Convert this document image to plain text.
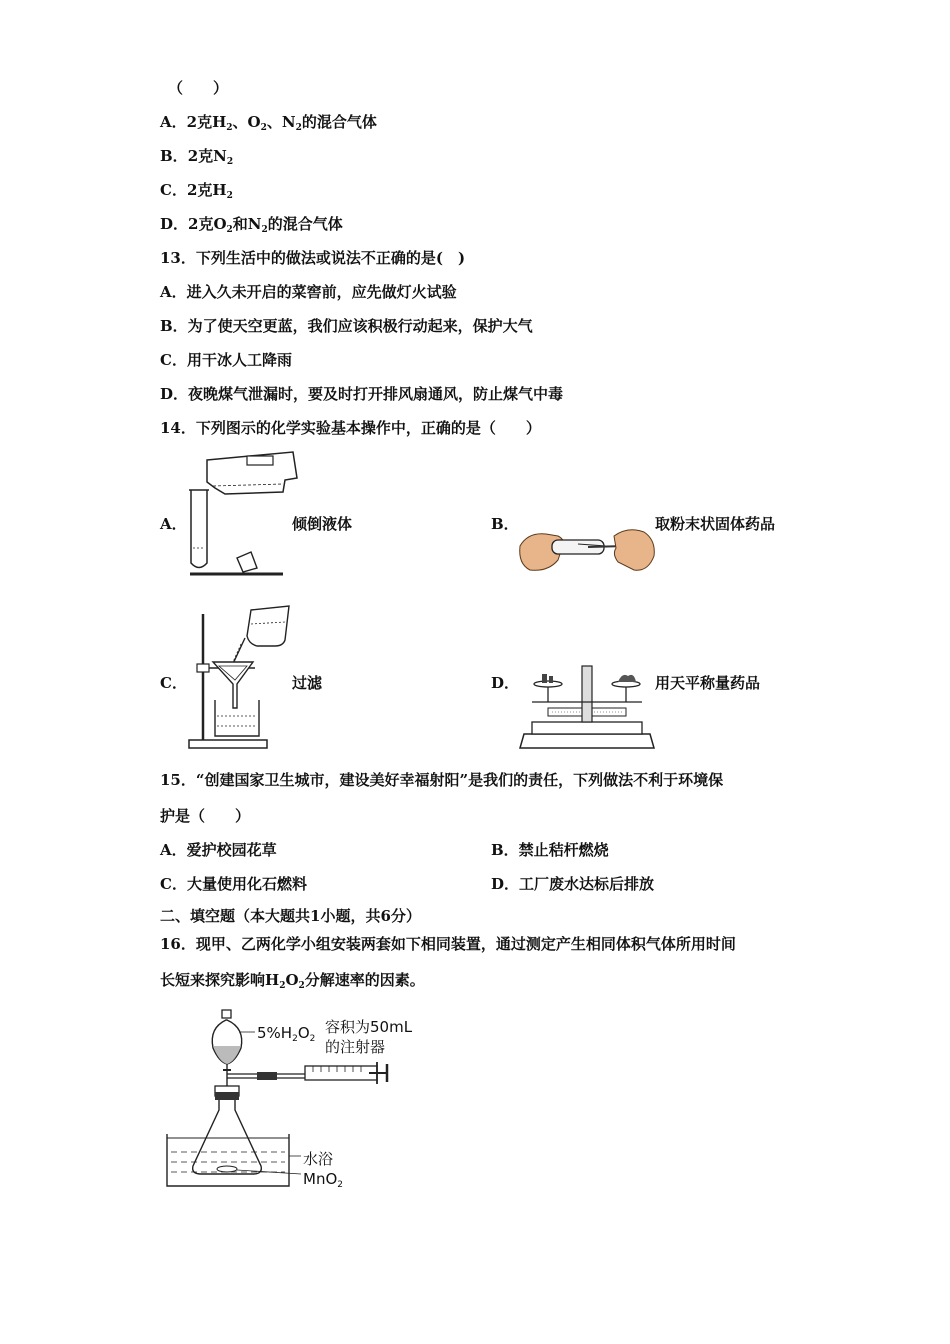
（　　）
A．2克$H_2$、$O_2$、$N_2$的混合气体
B．2克$N_2$
C．2克$H_2$
D．2克$O_2$和$N_2$的混合气体
13．下列生活中的做法或说法不正确的是(　)
A．进入久未开启的菜窖前，应先做灯火试验
B．为了使天空更蓝，我们应该积极行动起来，保护大气
C．用干冰人工降雨
D．夜晚煤气泄漏时，要及时打开排风扇通风，防止煤气中毒
14．下列图示的化学实验基本操作中，正确的是（　　）
A．	倾倒液体	B．	取粉末状固体药品
C．	过滤	D．	用天平称量药品
15．“创建国家卫生城市，建设美好幸福射阳”是我们的责任，下列做法不利于环境保
护是（　　）
A．爱护校园花草	B．禁止秸杆燃烧
C．大量使用化石燃料	D．工厂废水达标后排放
二、填空题（本大题共1小题，共6分）
16．现甲、乙两化学小组安装两套如下相同装置，通过测定产生相同体积气体所用时间
长短来探究影响$H_2O_2$分解速率的因素。
$5\%H_2O_2$
容积为50mL
的注射器
水浴
MnO$_2$
